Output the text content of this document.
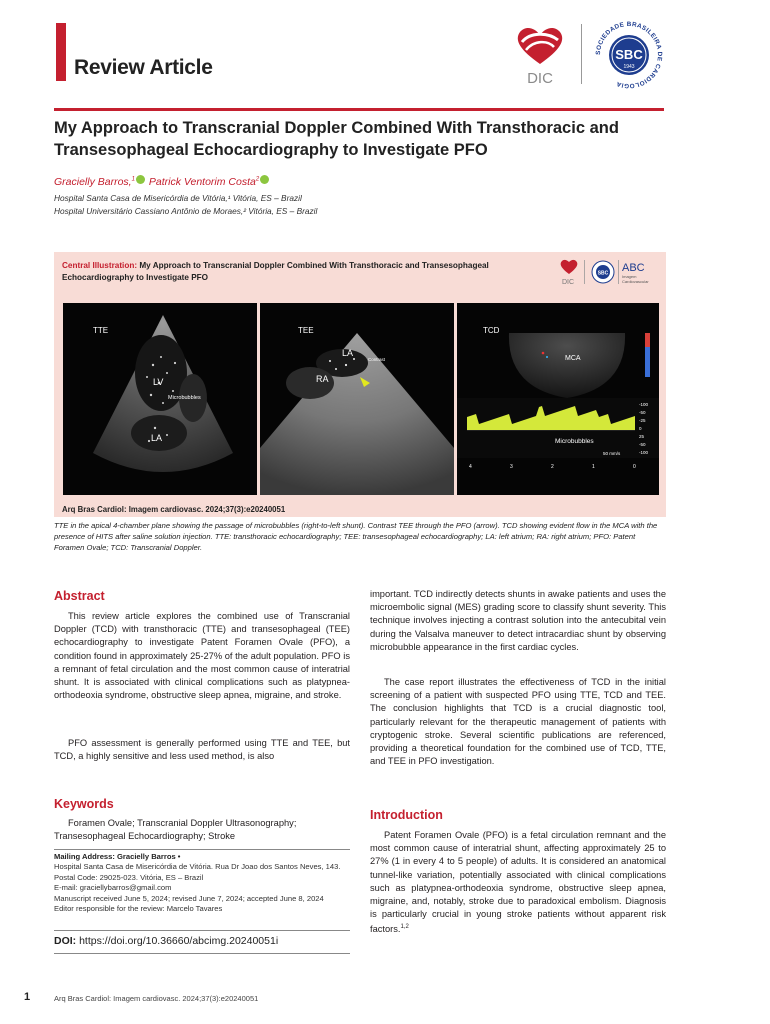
Review Article	DIC
SOCIEDADE BRASILEIRA DE CARDIOLOGIA
SBC
1943
My Approach to Transcranial Doppler Combined With Transthoracic and Transesophageal Echocardiography to Investigate PFO
Gracielly Barros,$^1$ Patrick Ventorim Costa$^2$
Hospital Santa Casa de Misericórdia de Vitória,¹ Vitória, ES – Brazil
Hospital Universitário Cassiano Antônio de Moraes,² Vitória, ES – Brazil
Central Illustration: My Approach to Transcranial Doppler Combined With Transthoracic and Transesophageal Echocardiography to Investigate PFO
DIC
SBC ABC
Imagem
Cardiovascular
TTE
LV
Microbubbles
LA
TEE
LA
Contrast
RA
TCD
MCA
Microbubbles
50 mm/s
4	3	2	1	0
-100
-50
-25
0
25
-50
-100
Arq Bras Cardiol: Imagem cardiovasc. 2024;37(3):e20240051
TTE in the apical 4-chamber plane showing the passage of microbubbles (right-to-left shunt). Contrast TEE through the PFO (arrow). TCD showing evident flow in the MCA with the presence of HITS after saline solution injection. TTE: transthoracic echocardiography; TEE: transesophageal echocardiography; LA: left atrium; RA: right atrium; PFO: Patent Foramen Ovale; TCD: Transcranial Doppler.
Abstract
This review article explores the combined use of Transcranial Doppler (TCD) with transthoracic (TTE) and transesophageal (TEE) echocardiography to investigate Patent Foramen Ovale (PFO), a condition found in approximately 25-27% of the adult population. PFO is a remnant of fetal circulation and the most common cause of interatrial shunt. It is associated with clinical complications such as platypnea-orthodeoxia syndrome, obstructive sleep apnea, migraine, and stroke.
PFO assessment is generally performed using TTE and TEE, but TCD, a highly sensitive and less used method, is also
Keywords
Foramen Ovale; Transcranial Doppler Ultrasonography; Transesophageal Echocardiography; Stroke
Mailing Address: Gracielly Barros •
Hospital Santa Casa de Misericórdia de Vitória. Rua Dr Joao dos Santos Neves, 143. Postal Code: 29025-023. Vitória, ES – Brazil
E-mail: graciellybarros@gmail.com
Manuscript received June 5, 2024; revised June 7, 2024; accepted June 8, 2024
Editor responsible for the review: Marcelo Tavares
DOI: https://doi.org/10.36660/abcimg.20240051i
important. TCD indirectly detects shunts in awake patients and uses the microembolic signal (MES) grading score to classify shunt severity. This technique involves injecting a contrast solution into the antecubital vein during the Valsalva maneuver to detect intracardiac shunt by observing microbubble appearance in the first cardiac cycles.
The case report illustrates the effectiveness of TCD in the initial screening of a patient with suspected PFO using TTE, TCD and TEE. The conclusion highlights that TCD is a crucial diagnostic tool, particularly relevant for the therapeutic management of patients with cryptogenic stroke. Several scientific publications are referenced, providing a theoretical foundation for the combined use of TCD, TTE, and TEE in PFO investigation.
Introduction
Patent Foramen Ovale (PFO) is a fetal circulation remnant and the most common cause of interatrial shunt, affecting approximately 25 to 27% (1 in every 4 to 5 people) of adults. It is considered an anatomical tunnel-like variation, potentially associated with clinical complications such as platypnea-orthodeoxia syndrome, obstructive sleep apnea, migraine, and, notably, stroke due to paradoxical embolism. Diagnosis is particularly crucial in young stroke patients without apparent risk factors.$^{1,2}$
1	Arq Bras Cardiol: Imagem cardiovasc. 2024;37(3):e20240051
